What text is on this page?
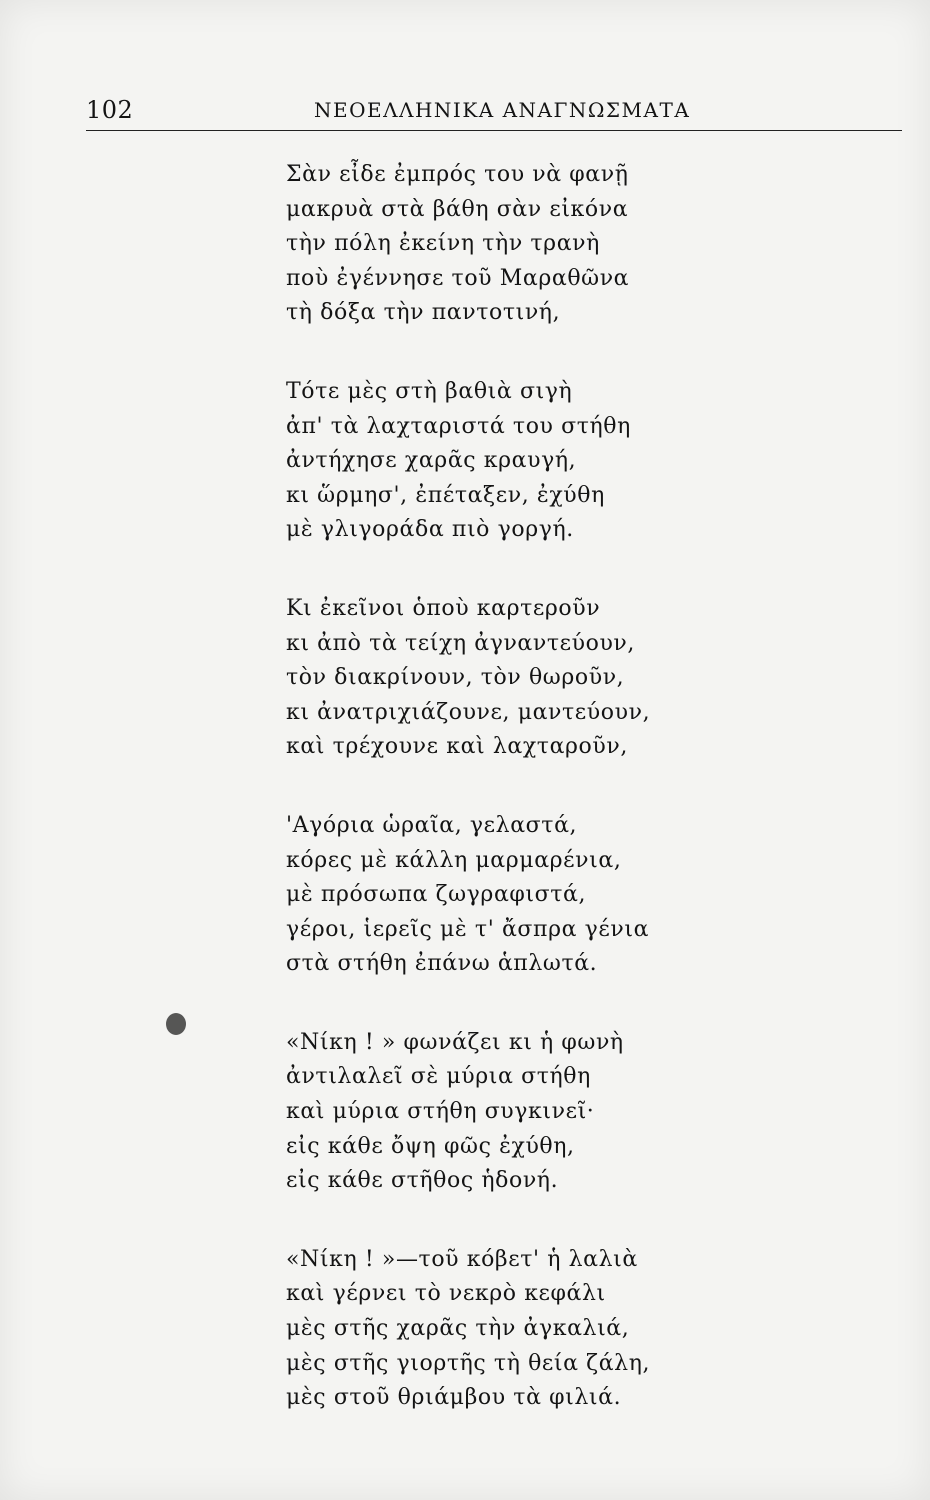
102	ΝΕΟΕΛΛΗΝΙΚΑ ΑΝΑΓΝΩΣΜΑΤΑ
Σὰν εἶδε ἐμπρός του νὰ φανῇ
μακρυὰ στὰ βάθη σὰν εἰκόνα
τὴν πόλη ἐκείνη τὴν τρανὴ
ποὺ ἐγέννησε τοῦ Μαραθῶνα
τὴ δόξα τὴν παντοτινή,
Τότε μὲς στὴ βαθιὰ σιγὴ
ἀπ' τὰ λαχταριστά του στήθη
ἀντήχησε χαρᾶς κραυγή,
κι ὥρμησ', ἐπέταξεν, ἐχύθη
μὲ γλιγοράδα πιὸ γοργή.
Κι ἐκεῖνοι ὁποὺ καρτεροῦν
κι ἀπὸ τὰ τείχη ἀγναντεύουν,
τὸν διακρίνουν, τὸν θωροῦν,
κι ἀνατριχιάζουνε, μαντεύουν,
καὶ τρέχουνε καὶ λαχταροῦν,
'Αγόρια ὡραῖα, γελαστά,
κόρες μὲ κάλλη μαρμαρένια,
μὲ πρόσωπα ζωγραφιστά,
γέροι, ἱερεῖς μὲ τ' ἄσπρα γένια
στὰ στήθη ἐπάνω ἁπλωτά.
«Νίκη ! » φωνάζει κι ἡ φωνὴ
ἀντιλαλεῖ σὲ μύρια στήθη
καὶ μύρια στήθη συγκινεῖ·
εἰς κάθε ὄψη φῶς ἐχύθη,
εἰς κάθε στῆθος ἡδονή.
«Νίκη ! »—τοῦ κόβετ' ἡ λαλιὰ
καὶ γέρνει τὸ νεκρὸ κεφάλι
μὲς στῆς χαρᾶς τὴν ἀγκαλιά,
μὲς στῆς γιορτῆς τὴ θεία ζάλη,
μὲς στοῦ θριάμβου τὰ φιλιά.
